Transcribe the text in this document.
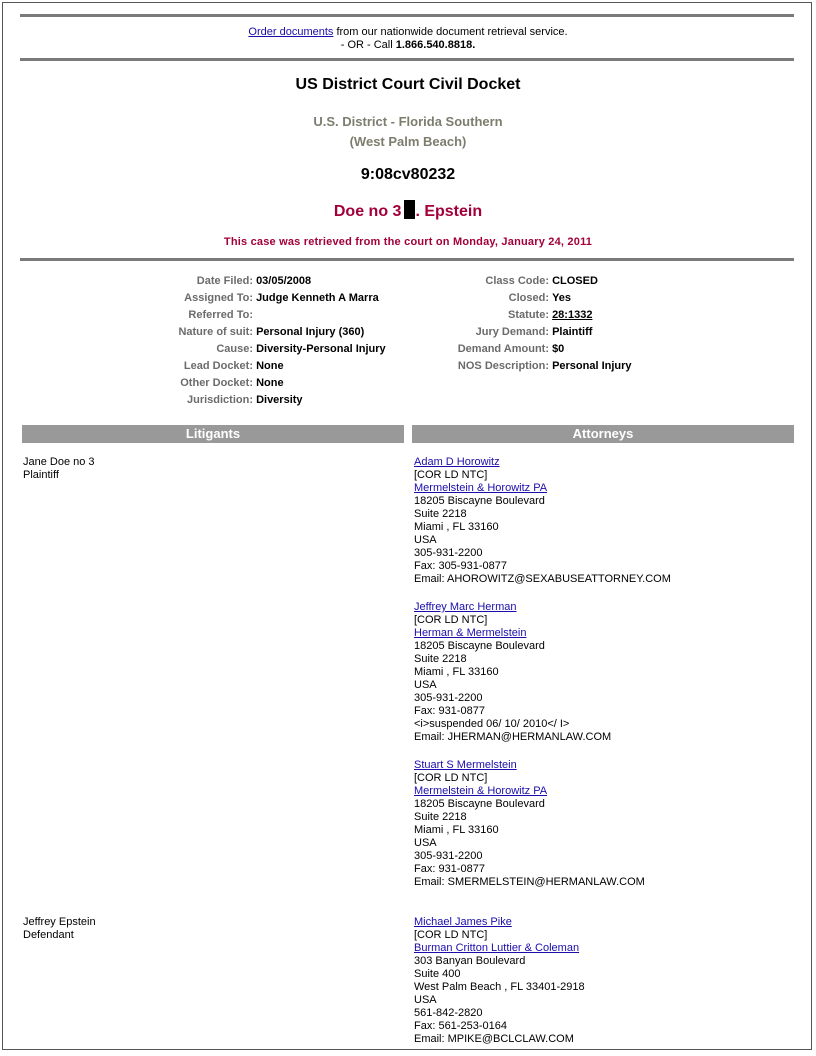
Order documents from our nationwide document retrieval service.
- OR - Call 1.866.540.8818.
US District Court Civil Docket
U.S. District - Florida Southern
(West Palm Beach)
9:08cv80232
Doe no 3 . Epstein
This case was retrieved from the court on Monday, January 24, 2011
Date Filed: 03/05/2008
Assigned To: Judge Kenneth A Marra
Referred To:
Nature of suit: Personal Injury (360)
Cause: Diversity-Personal Injury
Lead Docket: None
Other Docket: None
Jurisdiction: Diversity
Class Code: CLOSED
Closed: Yes
Statute: 28:1332
Jury Demand: Plaintiff
Demand Amount: $0
NOS Description: Personal Injury
Litigants	Attorneys
Jane Doe no 3
Plaintiff
Adam D Horowitz
[COR LD NTC]
Mermelstein & Horowitz PA
18205 Biscayne Boulevard
Suite 2218
Miami , FL 33160
USA
305-931-2200
Fax: 305-931-0877
Email: AHOROWITZ@SEXABUSEATTORNEY.COM
Jeffrey Marc Herman
[COR LD NTC]
Herman & Mermelstein
18205 Biscayne Boulevard
Suite 2218
Miami , FL 33160
USA
305-931-2200
Fax: 931-0877
<i>suspended 06/ 10/ 2010</ I>
Email: JHERMAN@HERMANLAW.COM
Stuart S Mermelstein
[COR LD NTC]
Mermelstein & Horowitz PA
18205 Biscayne Boulevard
Suite 2218
Miami , FL 33160
USA
305-931-2200
Fax: 931-0877
Email: SMERMELSTEIN@HERMANLAW.COM
Jeffrey Epstein
Defendant
Michael James Pike
[COR LD NTC]
Burman Critton Luttier & Coleman
303 Banyan Boulevard
Suite 400
West Palm Beach , FL 33401-2918
USA
561-842-2820
Fax: 561-253-0164
Email: MPIKE@BCLCLAW.COM
